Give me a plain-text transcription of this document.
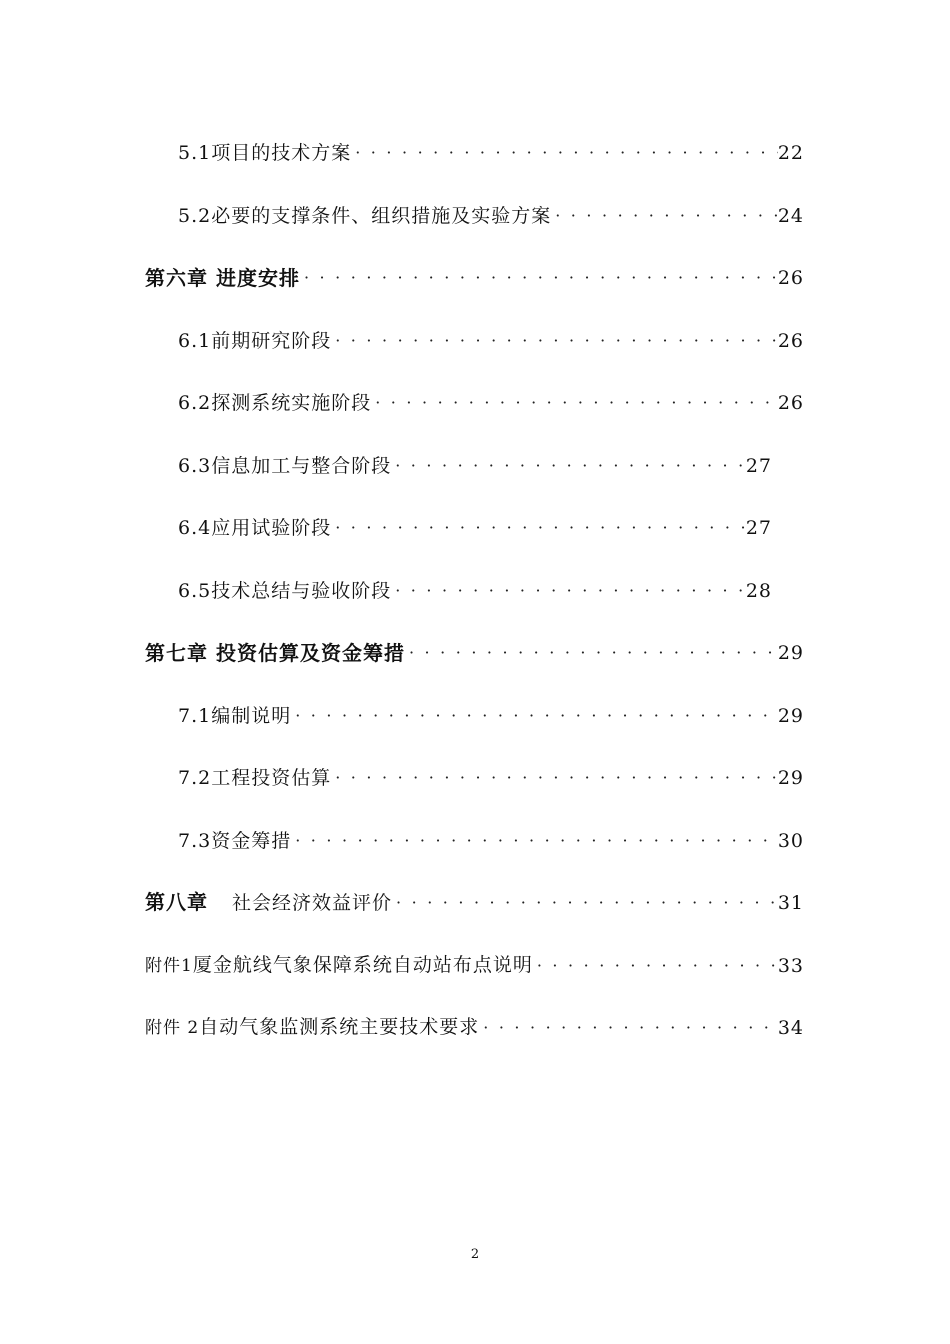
5.1项目的技术方案 ·····	22
5.2必要的支撑条件、组织措施及实验方案 ·····	24
第六章 进度安排 ·····	26
6.1前期研究阶段 ·····	26
6.2探测系统实施阶段 ·····	26
6.3信息加工与整合阶段 ·····	27
6.4应用试验阶段 ·····	27
6.5技术总结与验收阶段 ·····	28
第七章 投资估算及资金筹措 ·····	29
7.1编制说明 ·····	29
7.2工程投资估算 ·····	29
7.3资金筹措 ·····	30
第八章 社会经济效益评价 ·····	31
附件1厦金航线气象保障系统自动站布点说明 ·····	33
附件 2自动气象监测系统主要技术要求 ·····	34
2
